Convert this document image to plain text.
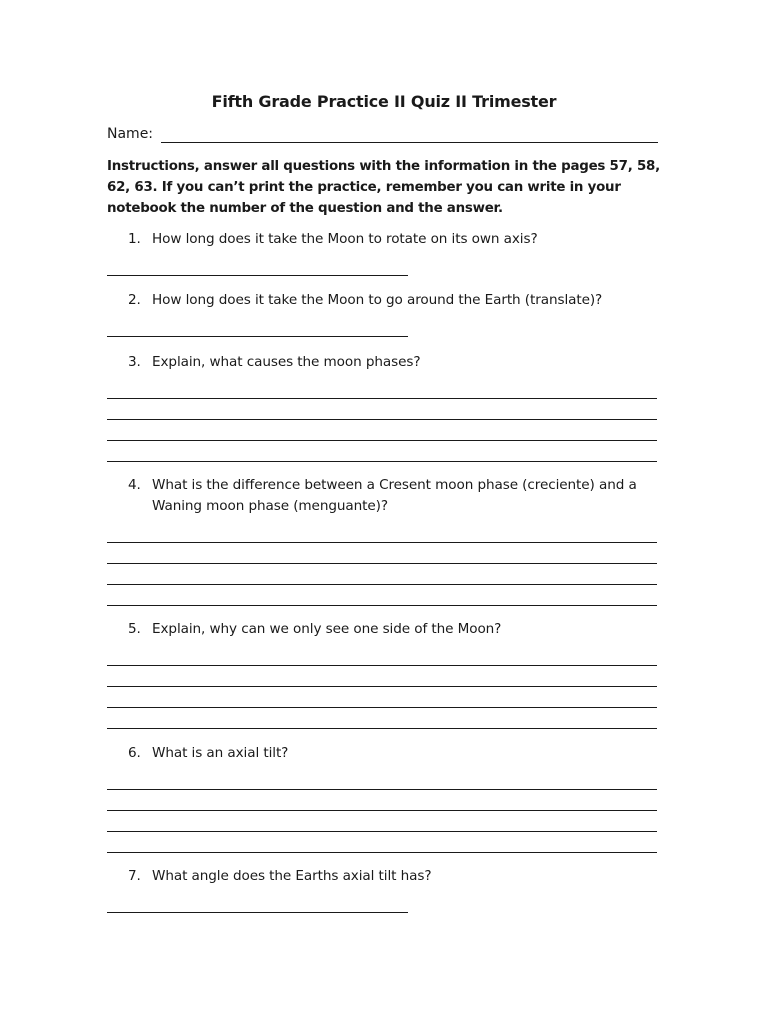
Fifth Grade Practice II Quiz II Trimester
Name:
Instructions, answer all questions with the information in the pages 57, 58, 62, 63. If you can’t print the practice, remember you can write in your notebook the number of the question and the answer.
1. How long does it take the Moon to rotate on its own axis?
2. How long does it take the Moon to go around the Earth (translate)?
3. Explain, what causes the moon phases?
4. What is the difference between a Cresent moon phase (creciente) and a Waning moon phase (menguante)?
5. Explain, why can we only see one side of the Moon?
6. What is an axial tilt?
7. What angle does the Earths axial tilt has?
